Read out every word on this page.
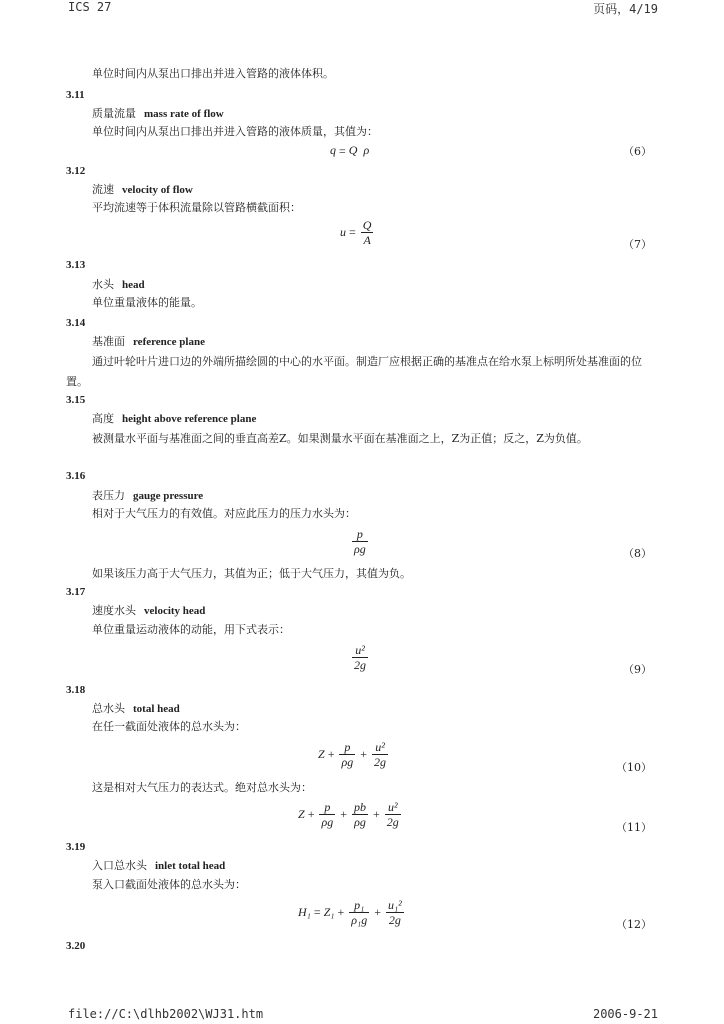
ICS 27	页码，4/19
单位时间内从泵出口排出并进入管路的液体体积。
3.11
质量流量 mass rate of flow
单位时间内从泵出口排出并进入管路的液体质量，其值为：
q = Q ρ	（6）
3.12
流速 velocity of flow
平均流速等于体积流量除以管路横截面积：
$u = \frac{Q}{A}$	（7）
3.13
水头 head
单位重量液体的能量。
3.14
基准面 reference plane
通过叶轮叶片进口边的外端所描绘圆的中心的水平面。制造厂应根据正确的基准点在给水泵上标明所处基准面的位置。
3.15
高度 height above reference plane
被测量水平面与基准面之间的垂直高差Z。如果测量水平面在基准面之上，Z为正值；反之，Z为负值。
3.16
表压力 gauge pressure
相对于大气压力的有效值。对应此压力的压力水头为：
$\frac{p}{\rho g}$	（8）
如果该压力高于大气压力，其值为正；低于大气压力，其值为负。
3.17
速度水头 velocity head
单位重量运动液体的动能，用下式表示：
$\frac{\text{u²}}{2g}$	（9）
3.18
总水头 total head
在任一截面处液体的总水头为：
$Z + \frac{p}{\rho g} + \frac{\text{u²}}{2g}$	（10）
这是相对大气压力的表达式。绝对总水头为：
$Z + \frac{p}{\rho g} + \frac{pb}{\rho g} + \frac{\text{u²}}{2g}$	（11）
3.19
入口总水头 inlet total head
泵入口截面处液体的总水头为：
$H_1 = Z_1 + \frac{\text{p₁}}{\text{ρ₁g}} + \frac{\text{u₁²}}{2g}$	（12）
3.20
file://C:\dlhb2002\WJ31.htm	2006-9-21
